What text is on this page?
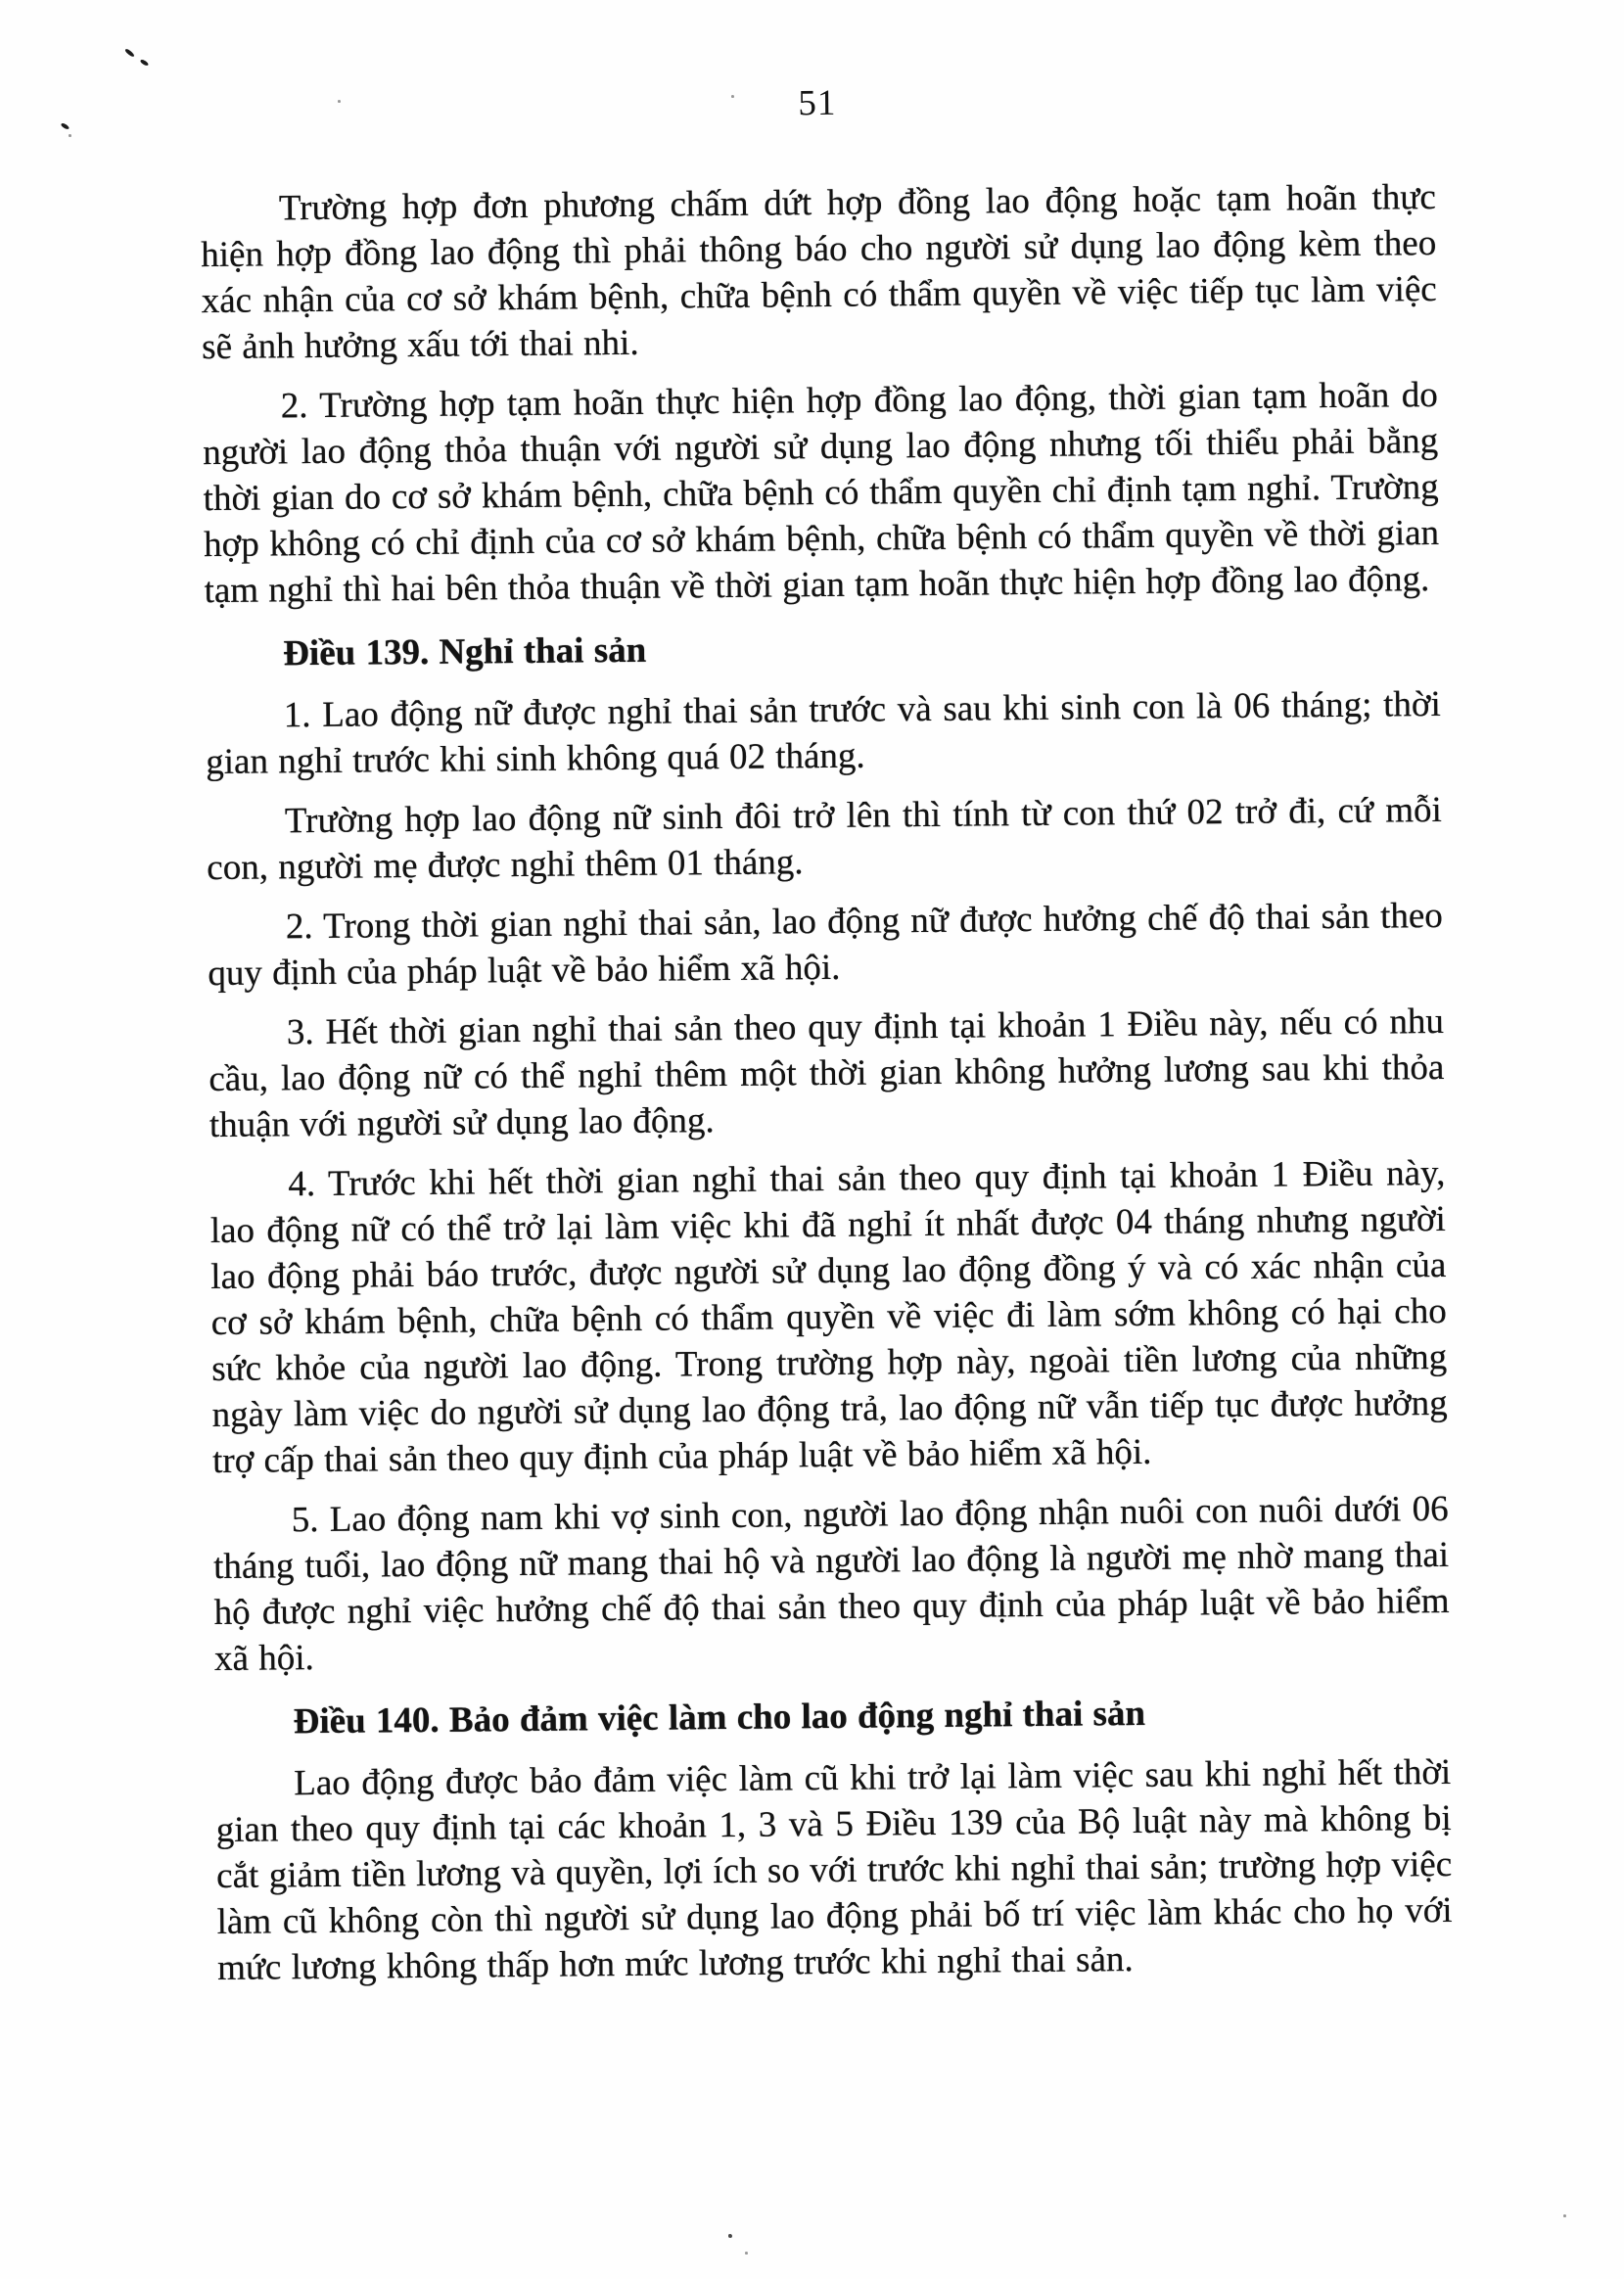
51

Trường hợp đơn phương chấm dứt hợp đồng lao động hoặc tạm hoãn thực hiện hợp đồng lao động thì phải thông báo cho người sử dụng lao động kèm theo xác nhận của cơ sở khám bệnh, chữa bệnh có thẩm quyền về việc tiếp tục làm việc sẽ ảnh hưởng xấu tới thai nhi.

2. Trường hợp tạm hoãn thực hiện hợp đồng lao động, thời gian tạm hoãn do người lao động thỏa thuận với người sử dụng lao động nhưng tối thiểu phải bằng thời gian do cơ sở khám bệnh, chữa bệnh có thẩm quyền chỉ định tạm nghỉ. Trường hợp không có chỉ định của cơ sở khám bệnh, chữa bệnh có thẩm quyền về thời gian tạm nghỉ thì hai bên thỏa thuận về thời gian tạm hoãn thực hiện hợp đồng lao động.

Điều 139. Nghỉ thai sản

1. Lao động nữ được nghỉ thai sản trước và sau khi sinh con là 06 tháng; thời gian nghỉ trước khi sinh không quá 02 tháng.

Trường hợp lao động nữ sinh đôi trở lên thì tính từ con thứ 02 trở đi, cứ mỗi con, người mẹ được nghỉ thêm 01 tháng.

2. Trong thời gian nghỉ thai sản, lao động nữ được hưởng chế độ thai sản theo quy định của pháp luật về bảo hiểm xã hội.

3. Hết thời gian nghỉ thai sản theo quy định tại khoản 1 Điều này, nếu có nhu cầu, lao động nữ có thể nghỉ thêm một thời gian không hưởng lương sau khi thỏa thuận với người sử dụng lao động.

4. Trước khi hết thời gian nghỉ thai sản theo quy định tại khoản 1 Điều này, lao động nữ có thể trở lại làm việc khi đã nghỉ ít nhất được 04 tháng nhưng người lao động phải báo trước, được người sử dụng lao động đồng ý và có xác nhận của cơ sở khám bệnh, chữa bệnh có thẩm quyền về việc đi làm sớm không có hại cho sức khỏe của người lao động. Trong trường hợp này, ngoài tiền lương của những ngày làm việc do người sử dụng lao động trả, lao động nữ vẫn tiếp tục được hưởng trợ cấp thai sản theo quy định của pháp luật về bảo hiểm xã hội.

5. Lao động nam khi vợ sinh con, người lao động nhận nuôi con nuôi dưới 06 tháng tuổi, lao động nữ mang thai hộ và người lao động là người mẹ nhờ mang thai hộ được nghỉ việc hưởng chế độ thai sản theo quy định của pháp luật về bảo hiểm xã hội.

Điều 140. Bảo đảm việc làm cho lao động nghỉ thai sản

Lao động được bảo đảm việc làm cũ khi trở lại làm việc sau khi nghỉ hết thời gian theo quy định tại các khoản 1, 3 và 5 Điều 139 của Bộ luật này mà không bị cắt giảm tiền lương và quyền, lợi ích so với trước khi nghỉ thai sản; trường hợp việc làm cũ không còn thì người sử dụng lao động phải bố trí việc làm khác cho họ với mức lương không thấp hơn mức lương trước khi nghỉ thai sản.
